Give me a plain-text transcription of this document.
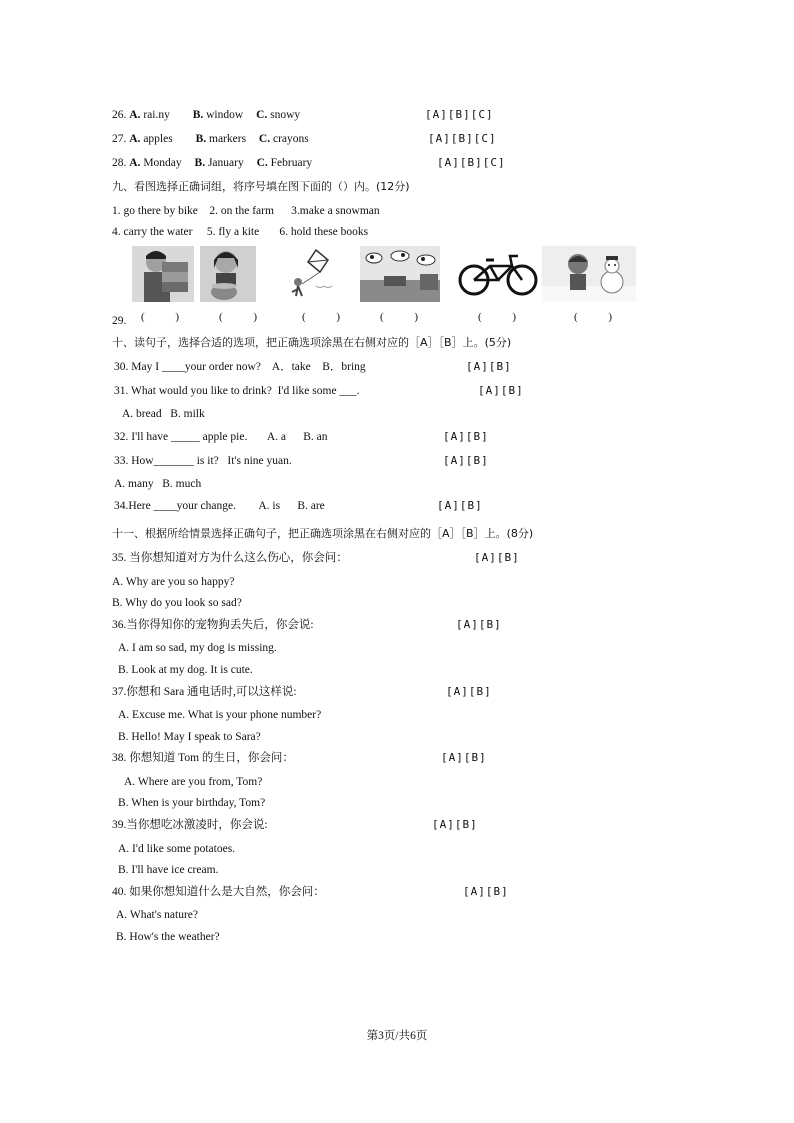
26. A. rai.ny B. window C. snowy	[A][B][C]
27. A. apples B. markers C. crayons	[A][B][C]
28. A. Monday B. January C. February	[A][B][C]
九、看图选择正确词组，将序号填在图下面的（）内。(12分)
1. go there by bike    2. on the farm      3.make a snowman
4. carry the water     5. fly a kite       6. hold these books
29. ( ) ( )	( ) ( )	( )	( )
十、读句子，选择合适的选项，把正确选项涂黑在右侧对应的［A］［B］上。(5分)
30. May I ____your order now?    A．take    B．bring	[A][B]
31. What would you like to drink?  I'd like some ___.	[A][B]
A. bread   B. milk
32. I'll have _____ apple pie.       A. a      B. an	[A][B]
33. How_______ is it?   It's nine yuan.	[A][B]
A. many   B. much
34.Here ____your change.        A. is      B. are	[A][B]
十一、根据所给情景选择正确句子，把正确选项涂黑在右侧对应的［A］［B］上。(8分)
35. 当你想知道对方为什么这么伤心，你会问：	[A][B]
A. Why are you so happy?
B. Why do you look so sad?
36.当你得知你的宠物狗丢失后，你会说:	[A][B]
A. I am so sad, my dog is missing.
B. Look at my dog. It is cute.
37.你想和 Sara 通电话时,可以这样说:	[A][B]
A. Excuse me. What is your phone number?
B. Hello! May I speak to Sara?
38. 你想知道 Tom 的生日，你会问：	[A][B]
A. Where are you from, Tom?
B. When is your birthday, Tom?
39.当你想吃冰激凌时，你会说:	[A][B]
A. I'd like some potatoes.
B. I'll have ice cream.
40. 如果你想知道什么是大自然，你会问：	[A][B]
A. What's nature?
B. How's the weather?
第3页/共6页
